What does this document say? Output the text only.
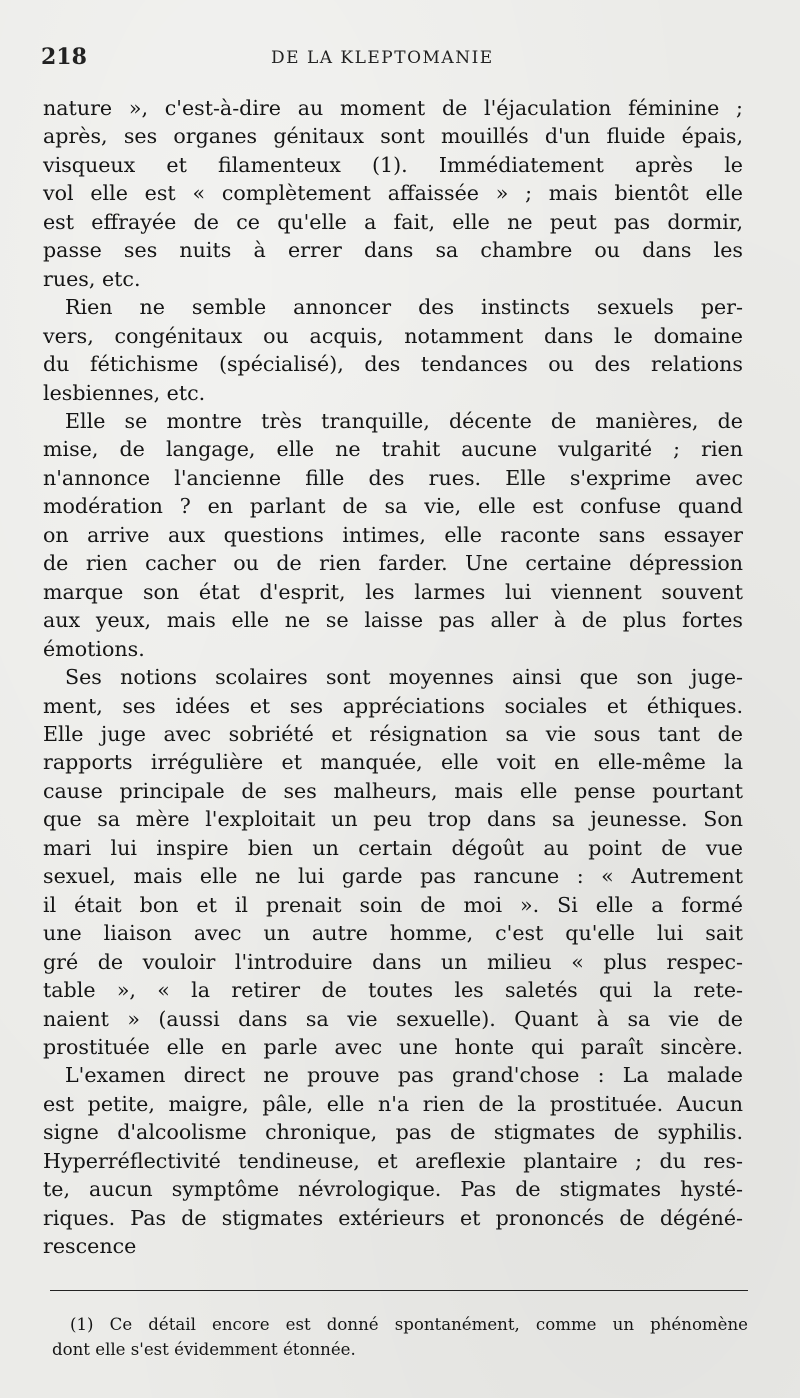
218	DE LA KLEPTOMANIE
nature », c'est-à-dire au moment de l'éjaculation féminine ;
après, ses organes génitaux sont mouillés d'un fluide épais,
visqueux et filamenteux (1). Immédiatement après le
vol elle est « complètement affaissée » ; mais bientôt elle
est effrayée de ce qu'elle a fait, elle ne peut pas dormir,
passe ses nuits à errer dans sa chambre ou dans les
rues, etc.
Rien ne semble annoncer des instincts sexuels per-
vers, congénitaux ou acquis, notamment dans le domaine
du fétichisme (spécialisé), des tendances ou des relations
lesbiennes, etc.
Elle se montre très tranquille, décente de manières, de
mise, de langage, elle ne trahit aucune vulgarité ; rien
n'annonce l'ancienne fille des rues. Elle s'exprime avec
modération ? en parlant de sa vie, elle est confuse quand
on arrive aux questions intimes, elle raconte sans essayer
de rien cacher ou de rien farder. Une certaine dépression
marque son état d'esprit, les larmes lui viennent souvent
aux yeux, mais elle ne se laisse pas aller à de plus fortes
émotions.
Ses notions scolaires sont moyennes ainsi que son juge-
ment, ses idées et ses appréciations sociales et éthiques.
Elle juge avec sobriété et résignation sa vie sous tant de
rapports irrégulière et manquée, elle voit en elle-même la
cause principale de ses malheurs, mais elle pense pourtant
que sa mère l'exploitait un peu trop dans sa jeunesse. Son
mari lui inspire bien un certain dégoût au point de vue
sexuel, mais elle ne lui garde pas rancune : « Autrement
il était bon et il prenait soin de moi ». Si elle a formé
une liaison avec un autre homme, c'est qu'elle lui sait
gré de vouloir l'introduire dans un milieu « plus respec-
table », « la retirer de toutes les saletés qui la rete-
naient » (aussi dans sa vie sexuelle). Quant à sa vie de
prostituée elle en parle avec une honte qui paraît sincère.
L'examen direct ne prouve pas grand'chose : La malade
est petite, maigre, pâle, elle n'a rien de la prostituée. Aucun
signe d'alcoolisme chronique, pas de stigmates de syphilis.
Hyperréflectivité tendineuse, et areflexie plantaire ; du res-
te, aucun symptôme névrologique. Pas de stigmates hysté-
riques. Pas de stigmates extérieurs et prononcés de dégéné-
rescence
(1) Ce détail encore est donné spontanément, comme un phénomène
dont elle s'est évidemment étonnée.
